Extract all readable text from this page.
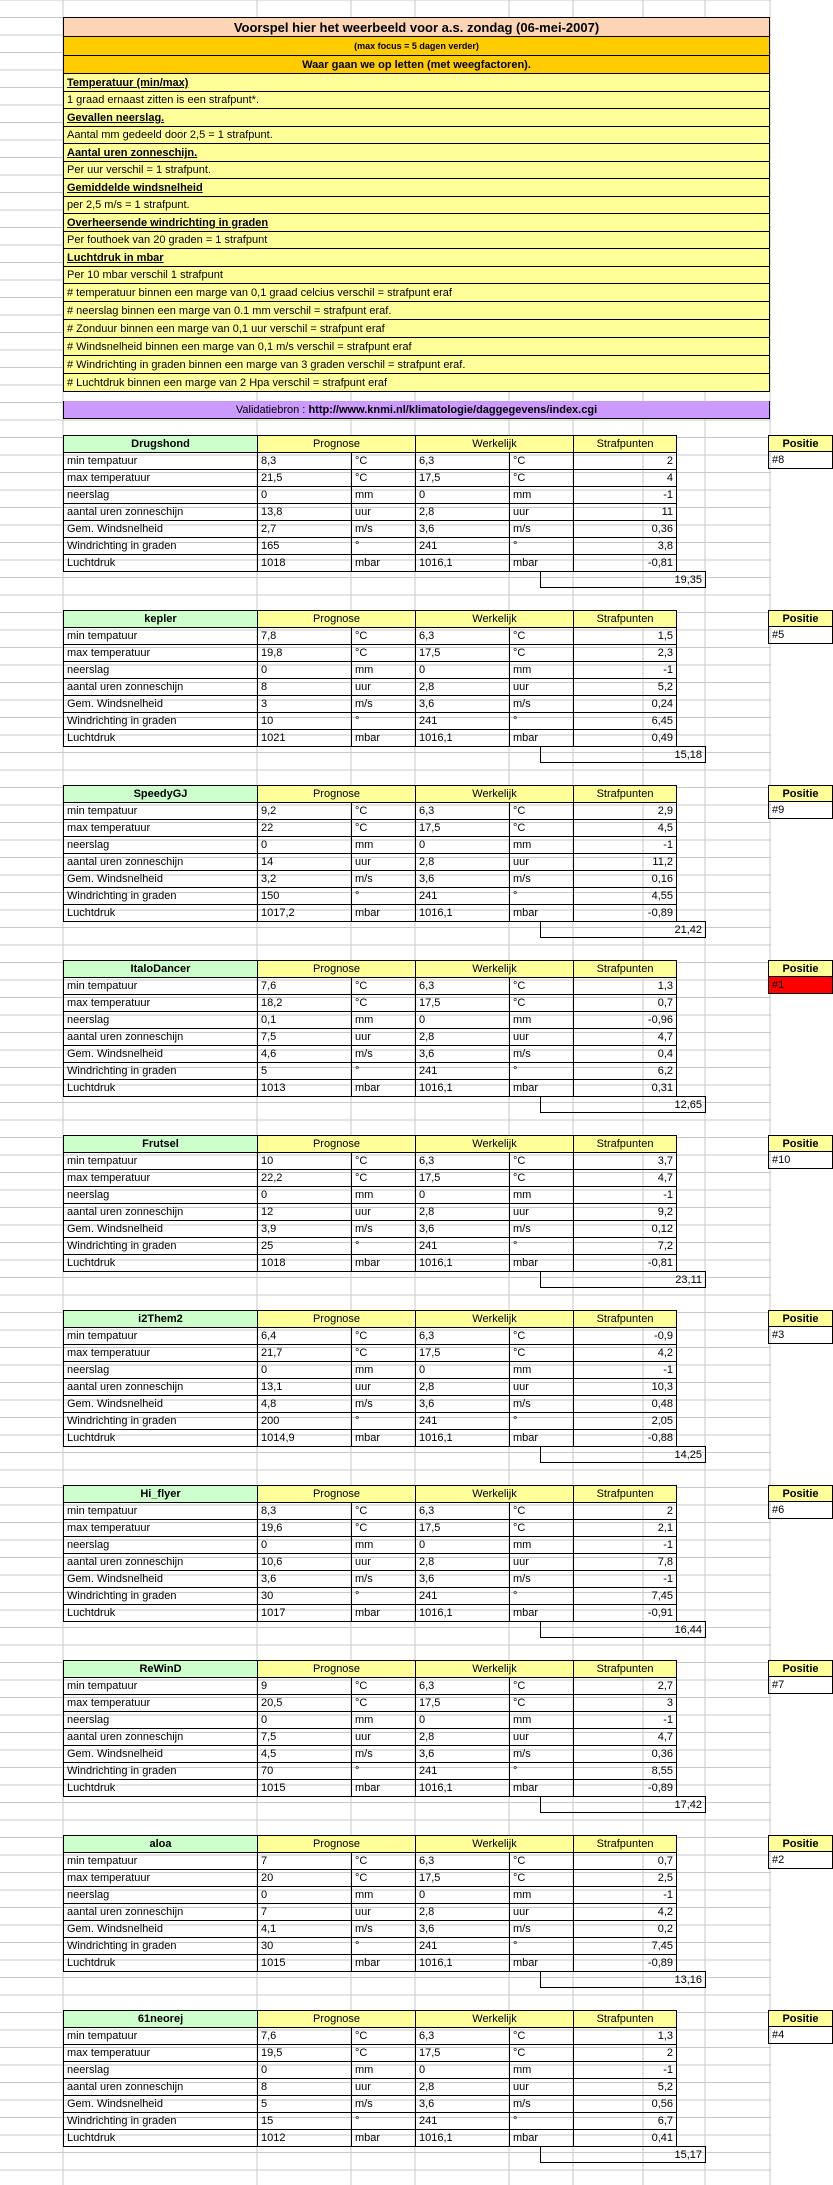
Voorspel hier het weerbeeld voor a.s. zondag (06-mei-2007)
(max focus = 5 dagen verder)
Waar gaan we op letten (met weegfactoren).
Temperatuur (min/max)
1 graad ernaast zitten is een strafpunt*.
Gevallen neerslag.
Aantal mm gedeeld door 2,5 = 1 strafpunt.
Aantal uren zonneschijn.
Per uur verschil = 1 strafpunt.
Gemiddelde windsnelheid
per 2,5 m/s = 1 strafpunt.
Overheersende windrichting in graden
Per fouthoek van 20 graden = 1 strafpunt
Luchtdruk in mbar
Per 10 mbar verschil 1 strafpunt
# temperatuur binnen een marge van 0,1 graad celcius verschil = strafpunt eraf
# neerslag binnen een marge van 0.1 mm verschil = strafpunt eraf.
# Zonduur binnen een marge van 0,1 uur verschil = strafpunt eraf
# Windsnelheid binnen een marge van 0,1 m/s verschil = strafpunt eraf
# Windrichting in graden binnen een marge van 3 graden verschil = strafpunt eraf.
# Luchtdruk binnen een marge van 2 Hpa verschil = strafpunt eraf
Validatiebron : http://www.knmi.nl/klimatologie/daggegevens/index.cgi
Drugshond	Prognose		Werkelijk		Strafpunten
min tempatuur	8,3	°C	6,3	°C	2
max temperatuur	21,5	°C	17,5	°C	4
neerslag	0	mm	0	mm	-1
aantal uren zonneschijn	13,8	uur	2,8	uur	11
Gem. Windsnelheid	2,7	m/s	3,6	m/s	0,36
Windrichting in graden	165	°	241	°	3,8
Luchtdruk	1018	mbar	1016,1	mbar	-0,81
19,35
Positie
#8
kepler	Prognose		Werkelijk		Strafpunten
min tempatuur	7,8	°C	6,3	°C	1,5
max temperatuur	19,8	°C	17,5	°C	2,3
neerslag	0	mm	0	mm	-1
aantal uren zonneschijn	8	uur	2,8	uur	5,2
Gem. Windsnelheid	3	m/s	3,6	m/s	0,24
Windrichting in graden	10	°	241	°	6,45
Luchtdruk	1021	mbar	1016,1	mbar	0,49
15,18
Positie
#5
SpeedyGJ	Prognose		Werkelijk		Strafpunten
min tempatuur	9,2	°C	6,3	°C	2,9
max temperatuur	22	°C	17,5	°C	4,5
neerslag	0	mm	0	mm	-1
aantal uren zonneschijn	14	uur	2,8	uur	11,2
Gem. Windsnelheid	3,2	m/s	3,6	m/s	0,16
Windrichting in graden	150	°	241	°	4,55
Luchtdruk	1017,2	mbar	1016,1	mbar	-0,89
21,42
Positie
#9
ItaloDancer	Prognose		Werkelijk		Strafpunten
min tempatuur	7,6	°C	6,3	°C	1,3
max temperatuur	18,2	°C	17,5	°C	0,7
neerslag	0,1	mm	0	mm	-0,96
aantal uren zonneschijn	7,5	uur	2,8	uur	4,7
Gem. Windsnelheid	4,6	m/s	3,6	m/s	0,4
Windrichting in graden	5	°	241	°	6,2
Luchtdruk	1013	mbar	1016,1	mbar	0,31
12,65
Positie
#1
Frutsel	Prognose		Werkelijk		Strafpunten
min tempatuur	10	°C	6,3	°C	3,7
max temperatuur	22,2	°C	17,5	°C	4,7
neerslag	0	mm	0	mm	-1
aantal uren zonneschijn	12	uur	2,8	uur	9,2
Gem. Windsnelheid	3,9	m/s	3,6	m/s	0,12
Windrichting in graden	25	°	241	°	7,2
Luchtdruk	1018	mbar	1016,1	mbar	-0,81
23,11
Positie
#10
i2Them2	Prognose		Werkelijk		Strafpunten
min tempatuur	6,4	°C	6,3	°C	-0,9
max temperatuur	21,7	°C	17,5	°C	4,2
neerslag	0	mm	0	mm	-1
aantal uren zonneschijn	13,1	uur	2,8	uur	10,3
Gem. Windsnelheid	4,8	m/s	3,6	m/s	0,48
Windrichting in graden	200	°	241	°	2,05
Luchtdruk	1014,9	mbar	1016,1	mbar	-0,88
14,25
Positie
#3
Hi_flyer	Prognose		Werkelijk		Strafpunten
min tempatuur	8,3	°C	6,3	°C	2
max temperatuur	19,6	°C	17,5	°C	2,1
neerslag	0	mm	0	mm	-1
aantal uren zonneschijn	10,6	uur	2,8	uur	7,8
Gem. Windsnelheid	3,6	m/s	3,6	m/s	-1
Windrichting in graden	30	°	241	°	7,45
Luchtdruk	1017	mbar	1016,1	mbar	-0,91
16,44
Positie
#6
ReWinD	Prognose		Werkelijk		Strafpunten
min tempatuur	9	°C	6,3	°C	2,7
max temperatuur	20,5	°C	17,5	°C	3
neerslag	0	mm	0	mm	-1
aantal uren zonneschijn	7,5	uur	2,8	uur	4,7
Gem. Windsnelheid	4,5	m/s	3,6	m/s	0,36
Windrichting in graden	70	°	241	°	8,55
Luchtdruk	1015	mbar	1016,1	mbar	-0,89
17,42
Positie
#7
aloa	Prognose		Werkelijk		Strafpunten
min tempatuur	7	°C	6,3	°C	0,7
max temperatuur	20	°C	17,5	°C	2,5
neerslag	0	mm	0	mm	-1
aantal uren zonneschijn	7	uur	2,8	uur	4,2
Gem. Windsnelheid	4,1	m/s	3,6	m/s	0,2
Windrichting in graden	30	°	241	°	7,45
Luchtdruk	1015	mbar	1016,1	mbar	-0,89
13,16
Positie
#2
61neorej	Prognose		Werkelijk		Strafpunten
min tempatuur	7,6	°C	6,3	°C	1,3
max temperatuur	19,5	°C	17,5	°C	2
neerslag	0	mm	0	mm	-1
aantal uren zonneschijn	8	uur	2,8	uur	5,2
Gem. Windsnelheid	5	m/s	3,6	m/s	0,56
Windrichting in graden	15	°	241	°	6,7
Luchtdruk	1012	mbar	1016,1	mbar	0,41
15,17
Positie
#4
